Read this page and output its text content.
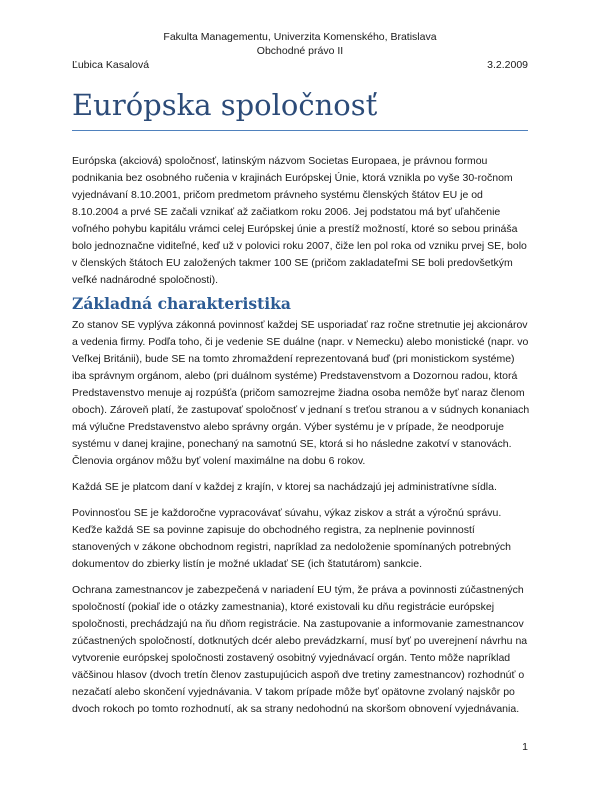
Fakulta Managementu, Univerzita Komenského, Bratislava
Obchodné právo II
Ľubica Kasalová	3.2.2009
Európska spoločnosť

Európska (akciová) spoločnosť, latinským názvom Societas Europaea, je právnou formou podnikania bez osobného ručenia v krajinách Európskej Únie, ktorá vznikla po vyše 30-ročnom vyjednávaní 8.10.2001, pričom predmetom právneho systému členských štátov EU je od 8.10.2004 a prvé SE začali vznikať až začiatkom roku 2006. Jej podstatou má byť uľahčenie voľného pohybu kapitálu vrámci celej Európskej únie a prestíž možností, ktoré so sebou prináša bolo jednoznačne viditeľné, keď už v polovici roku 2007, čiže len pol roka od vzniku prvej SE, bolo v členských štátoch EU založených takmer 100 SE (pričom zakladateľmi SE boli predovšetkým veľké nadnárodné spoločnosti).

Základná charakteristika

Zo stanov SE vyplýva zákonná povinnosť každej SE usporiadať raz ročne stretnutie jej akcionárov a vedenia firmy. Podľa toho, či je vedenie SE duálne (napr. v Nemecku) alebo monistické (napr. vo Veľkej Británii), bude SE na tomto zhromaždení reprezentovaná buď (pri monistickom systéme) iba správnym orgánom, alebo (pri duálnom systéme) Predstavenstvom a Dozornou radou, ktorá Predstavenstvo menuje aj rozpúšťa (pričom samozrejme žiadna osoba nemôže byť naraz členom oboch). Zároveň platí, že zastupovať spoločnosť v jednaní s treťou stranou a v súdnych konaniach má výlučne Predstavenstvo alebo správny orgán. Výber systému je v prípade, že neodporuje systému v danej krajine, ponechaný na samotnú SE, ktorá si ho následne zakotví v stanovách. Členovia orgánov môžu byť volení maximálne na dobu 6 rokov.

Každá SE je platcom daní v každej z krajín, v ktorej sa nachádzajú jej administratívne sídla.

Povinnosťou SE je každoročne vypracovávať súvahu, výkaz ziskov a strát a výročnú správu. Keďže každá SE sa povinne zapisuje do obchodného registra, za neplnenie povinností stanovených v zákone obchodnom registri, napríklad za nedoloženie spomínaných potrebných dokumentov do zbierky listín je možné ukladať SE (ich štatutárom) sankcie.

Ochrana zamestnancov je zabezpečená v nariadení EU tým, že práva a povinnosti zúčastnených spoločností (pokiaľ ide o otázky zamestnania), ktoré existovali ku dňu registrácie európskej spoločnosti, prechádzajú na ňu dňom registrácie. Na zastupovanie a informovanie zamestnancov zúčastnených spoločností, dotknutých dcér alebo prevádzkarní, musí byť po uverejnení návrhu na vytvorenie európskej spoločnosti zostavený osobitný vyjednávací orgán. Tento môže napríklad väčšinou hlasov (dvoch tretín členov zastupujúcich aspoň dve tretiny zamestnancov) rozhodnúť o nezačatí alebo skončení vyjednávania. V takom prípade môže byť opätovne zvolaný najskôr po dvoch rokoch po tomto rozhodnutí, ak sa strany nedohodnú na skoršom obnovení vyjednávania.

1
